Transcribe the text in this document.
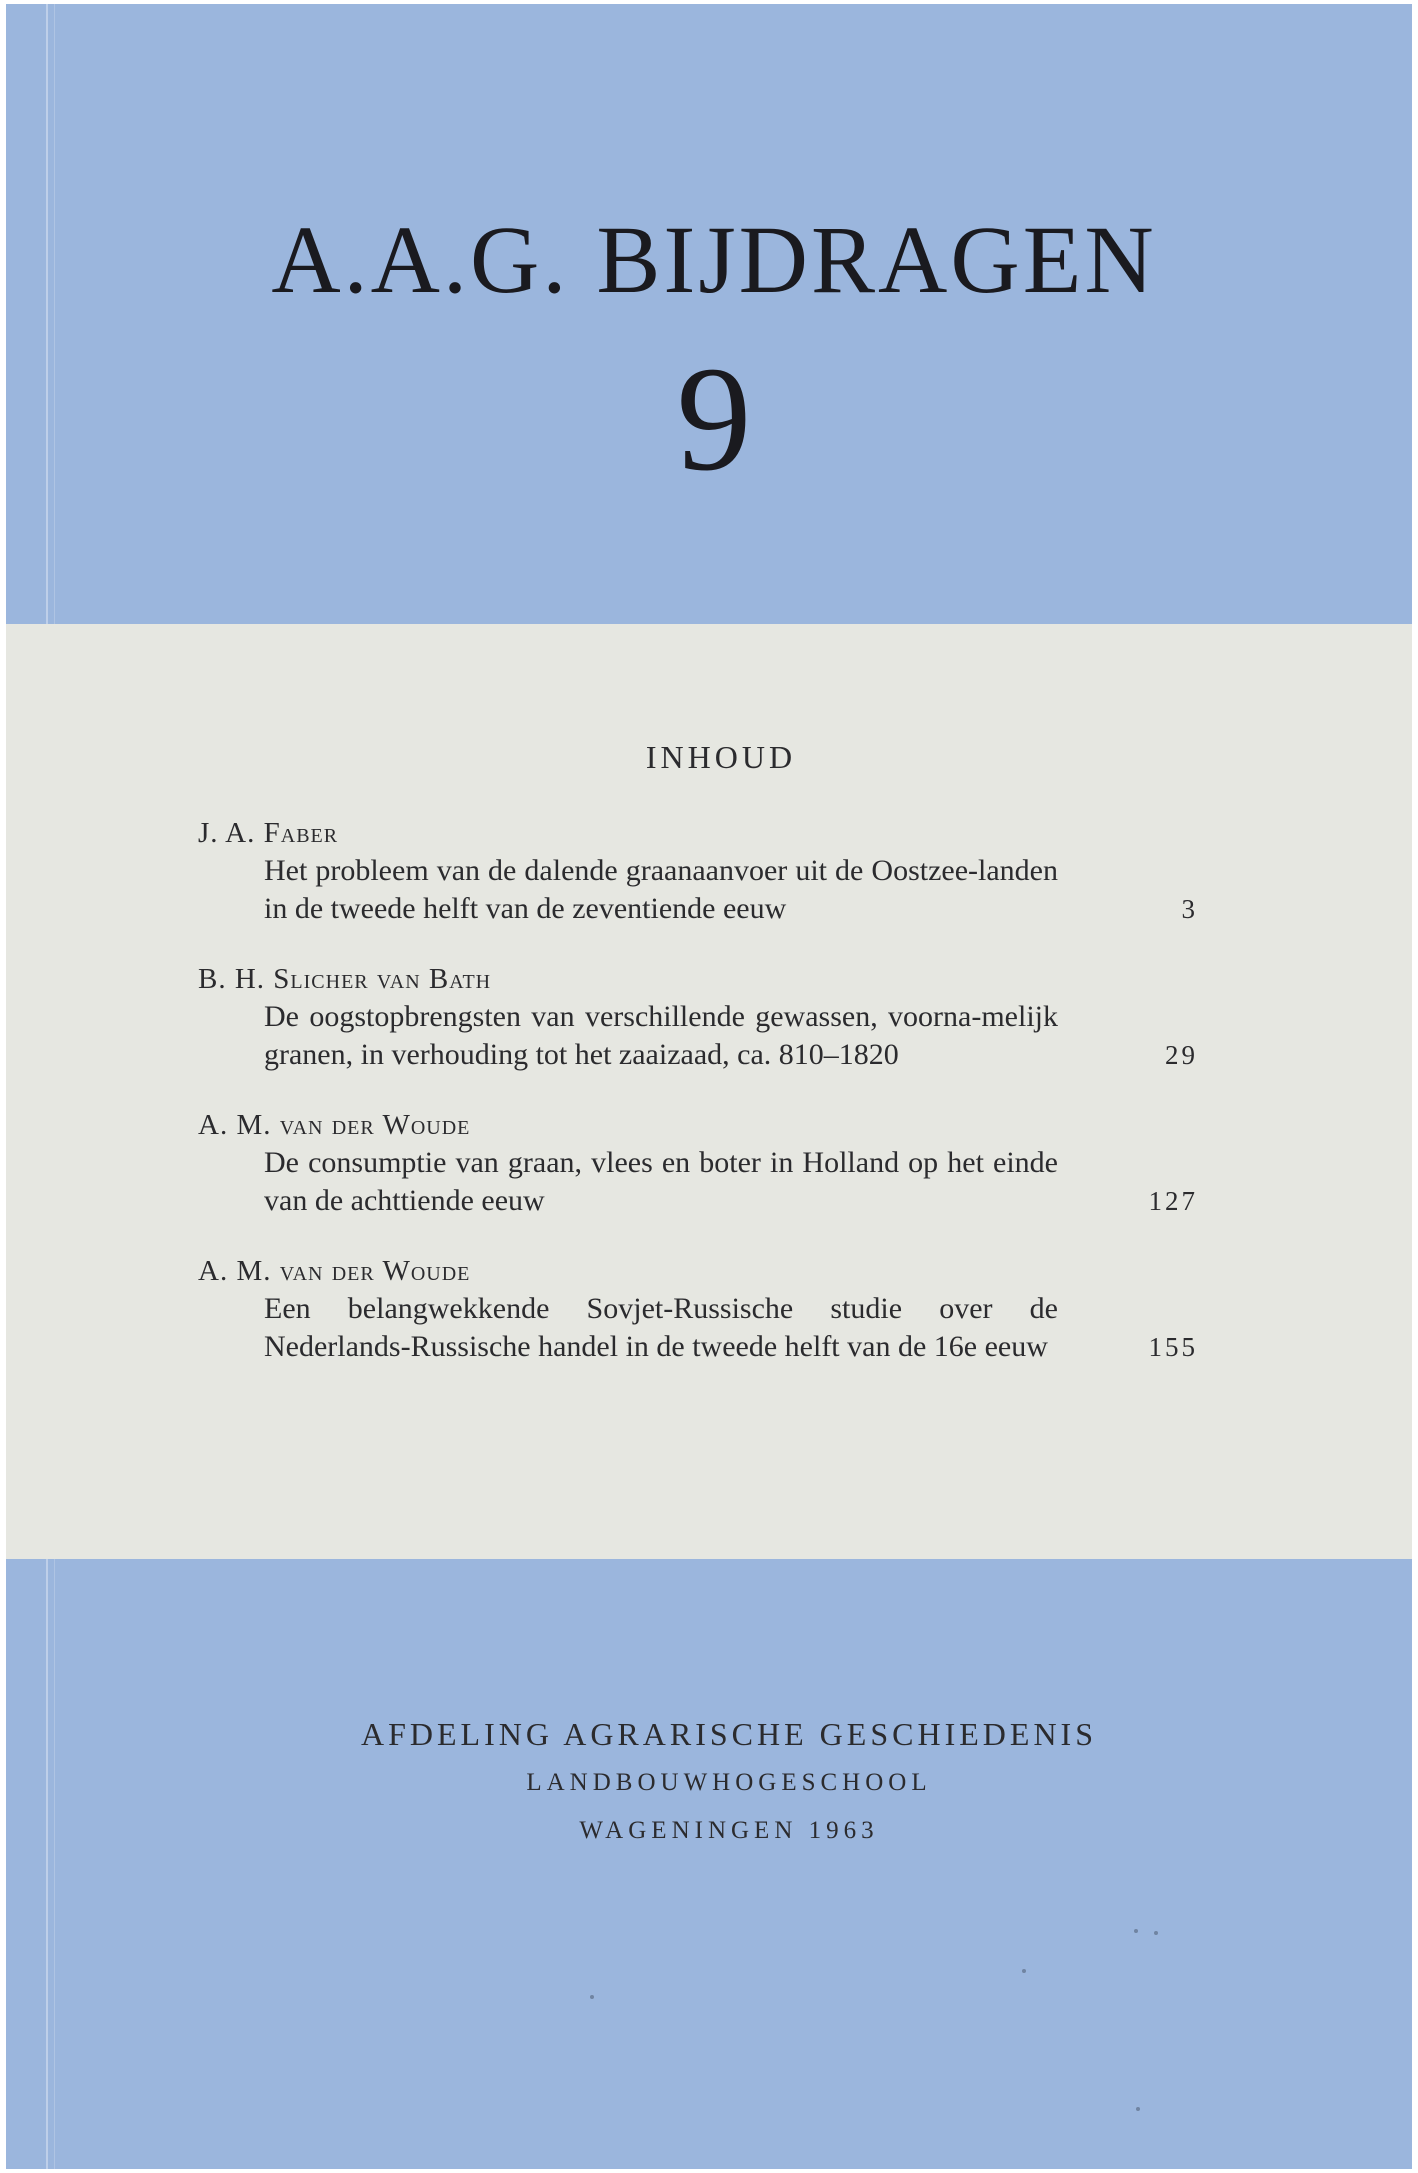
A.A.G. BIJDRAGEN
9
INHOUD
J. A. Faber
Het probleem van de dalende graanaanvoer uit de Oostzee-landen in de tweede helft van de zeventiende eeuw	3
B. H. Slicher van Bath
De oogstopbrengsten van verschillende gewassen, voorna-melijk granen, in verhouding tot het zaaizaad, ca. 810–1820	29
A. M. van der Woude
De consumptie van graan, vlees en boter in Holland op het einde van de achttiende eeuw	127
A. M. van der Woude
Een belangwekkende Sovjet-Russische studie over de Nederlands-Russische handel in de tweede helft van de 16e eeuw	155
AFDELING AGRARISCHE GESCHIEDENIS
LANDBOUWHOGESCHOOL
WAGENINGEN 1963
